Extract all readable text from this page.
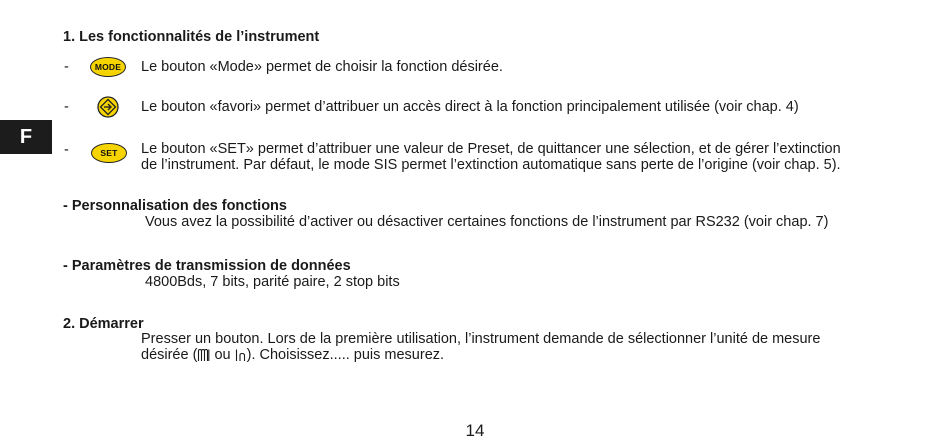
F
1. Les fonctionnalités de l’instrument
-	MODE	Le bouton «Mode» permet de choisir la fonction désirée.
-	Le bouton «favori» permet d’attribuer un accès direct à la fonction principalement utilisée (voir chap. 4)
-	SET	Le bouton «SET» permet d’attribuer une valeur de Preset, de quittancer une sélection, et de gérer l’extinction
de l’instrument. Par défaut, le mode SIS permet l’extinction automatique sans perte de l’origine (voir chap. 5).
- Personnalisation des fonctions
Vous avez la possibilité d’activer ou désactiver certaines fonctions de l’instrument par RS232 (voir chap. 7)
- Paramètres de transmission de données
4800Bds, 7 bits, parité paire, 2 stop bits
2. Démarrer
Presser un bouton. Lors de la première utilisation, l’instrument demande de sélectionner l’unité de mesure
désirée ( ou ). Choisissez..... puis mesurez.
14
